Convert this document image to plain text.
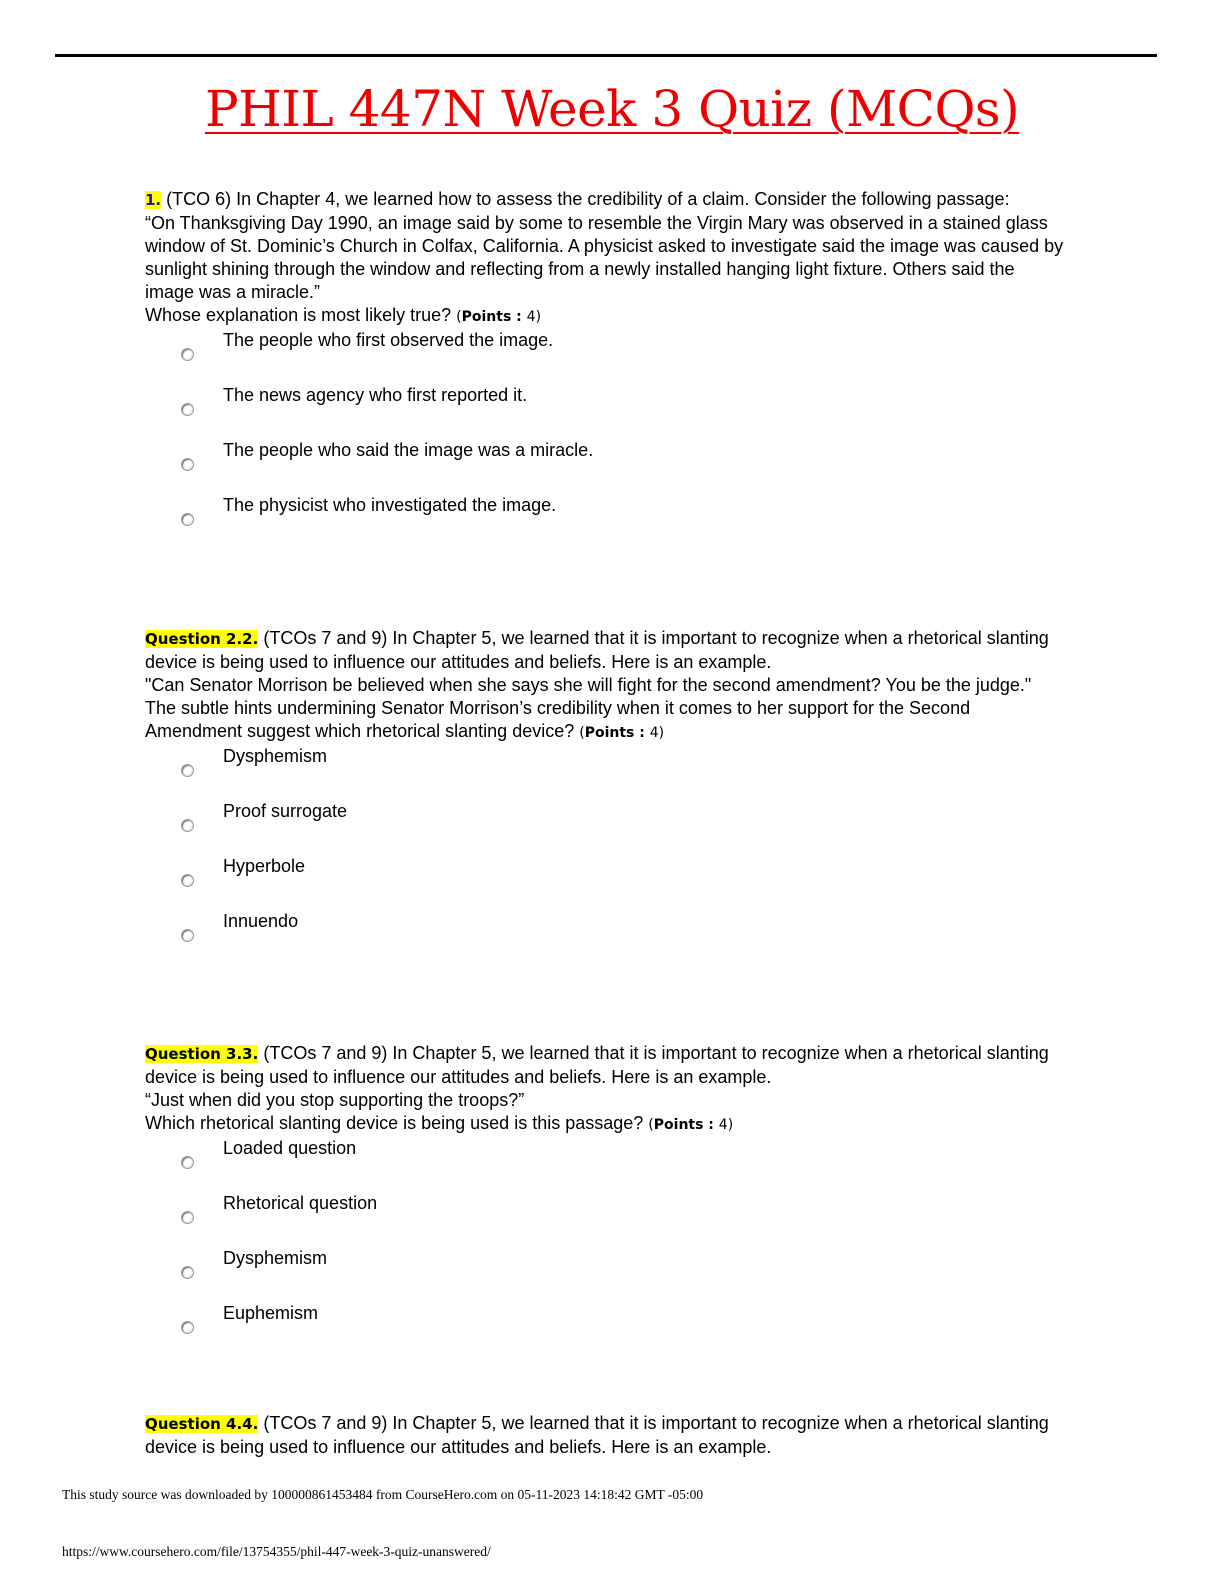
PHIL 447N Week 3 Quiz (MCQs)

1. (TCO 6) In Chapter 4, we learned how to assess the credibility of a claim. Consider the following passage:

“On Thanksgiving Day 1990, an image said by some to resemble the Virgin Mary was observed in a stained glass window of St. Dominic’s Church in Colfax, California. A physicist asked to investigate said the image was caused by sunlight shining through the window and reflecting from a newly installed hanging light fixture. Others said the image was a miracle.”

Whose explanation is most likely true? (Points : 4)

The people who first observed the image.
The news agency who first reported it.
The people who said the image was a miracle.
The physicist who investigated the image.

Question 2.2. (TCOs 7 and 9) In Chapter 5, we learned that it is important to recognize when a rhetorical slanting device is being used to influence our attitudes and beliefs. Here is an example.

"Can Senator Morrison be believed when she says she will fight for the second amendment? You be the judge."

The subtle hints undermining Senator Morrison’s credibility when it comes to her support for the Second Amendment suggest which rhetorical slanting device? (Points : 4)

Dysphemism
Proof surrogate
Hyperbole
Innuendo

Question 3.3. (TCOs 7 and 9) In Chapter 5, we learned that it is important to recognize when a rhetorical slanting device is being used to influence our attitudes and beliefs. Here is an example.

“Just when did you stop supporting the troops?”

Which rhetorical slanting device is being used is this passage? (Points : 4)

Loaded question
Rhetorical question
Dysphemism
Euphemism

Question 4.4. (TCOs 7 and 9) In Chapter 5, we learned that it is important to recognize when a rhetorical slanting device is being used to influence our attitudes and beliefs. Here is an example.

This study source was downloaded by 100000861453484 from CourseHero.com on 05-11-2023 14:18:42 GMT -05:00
https://www.coursehero.com/file/13754355/phil-447-week-3-quiz-unanswered/
